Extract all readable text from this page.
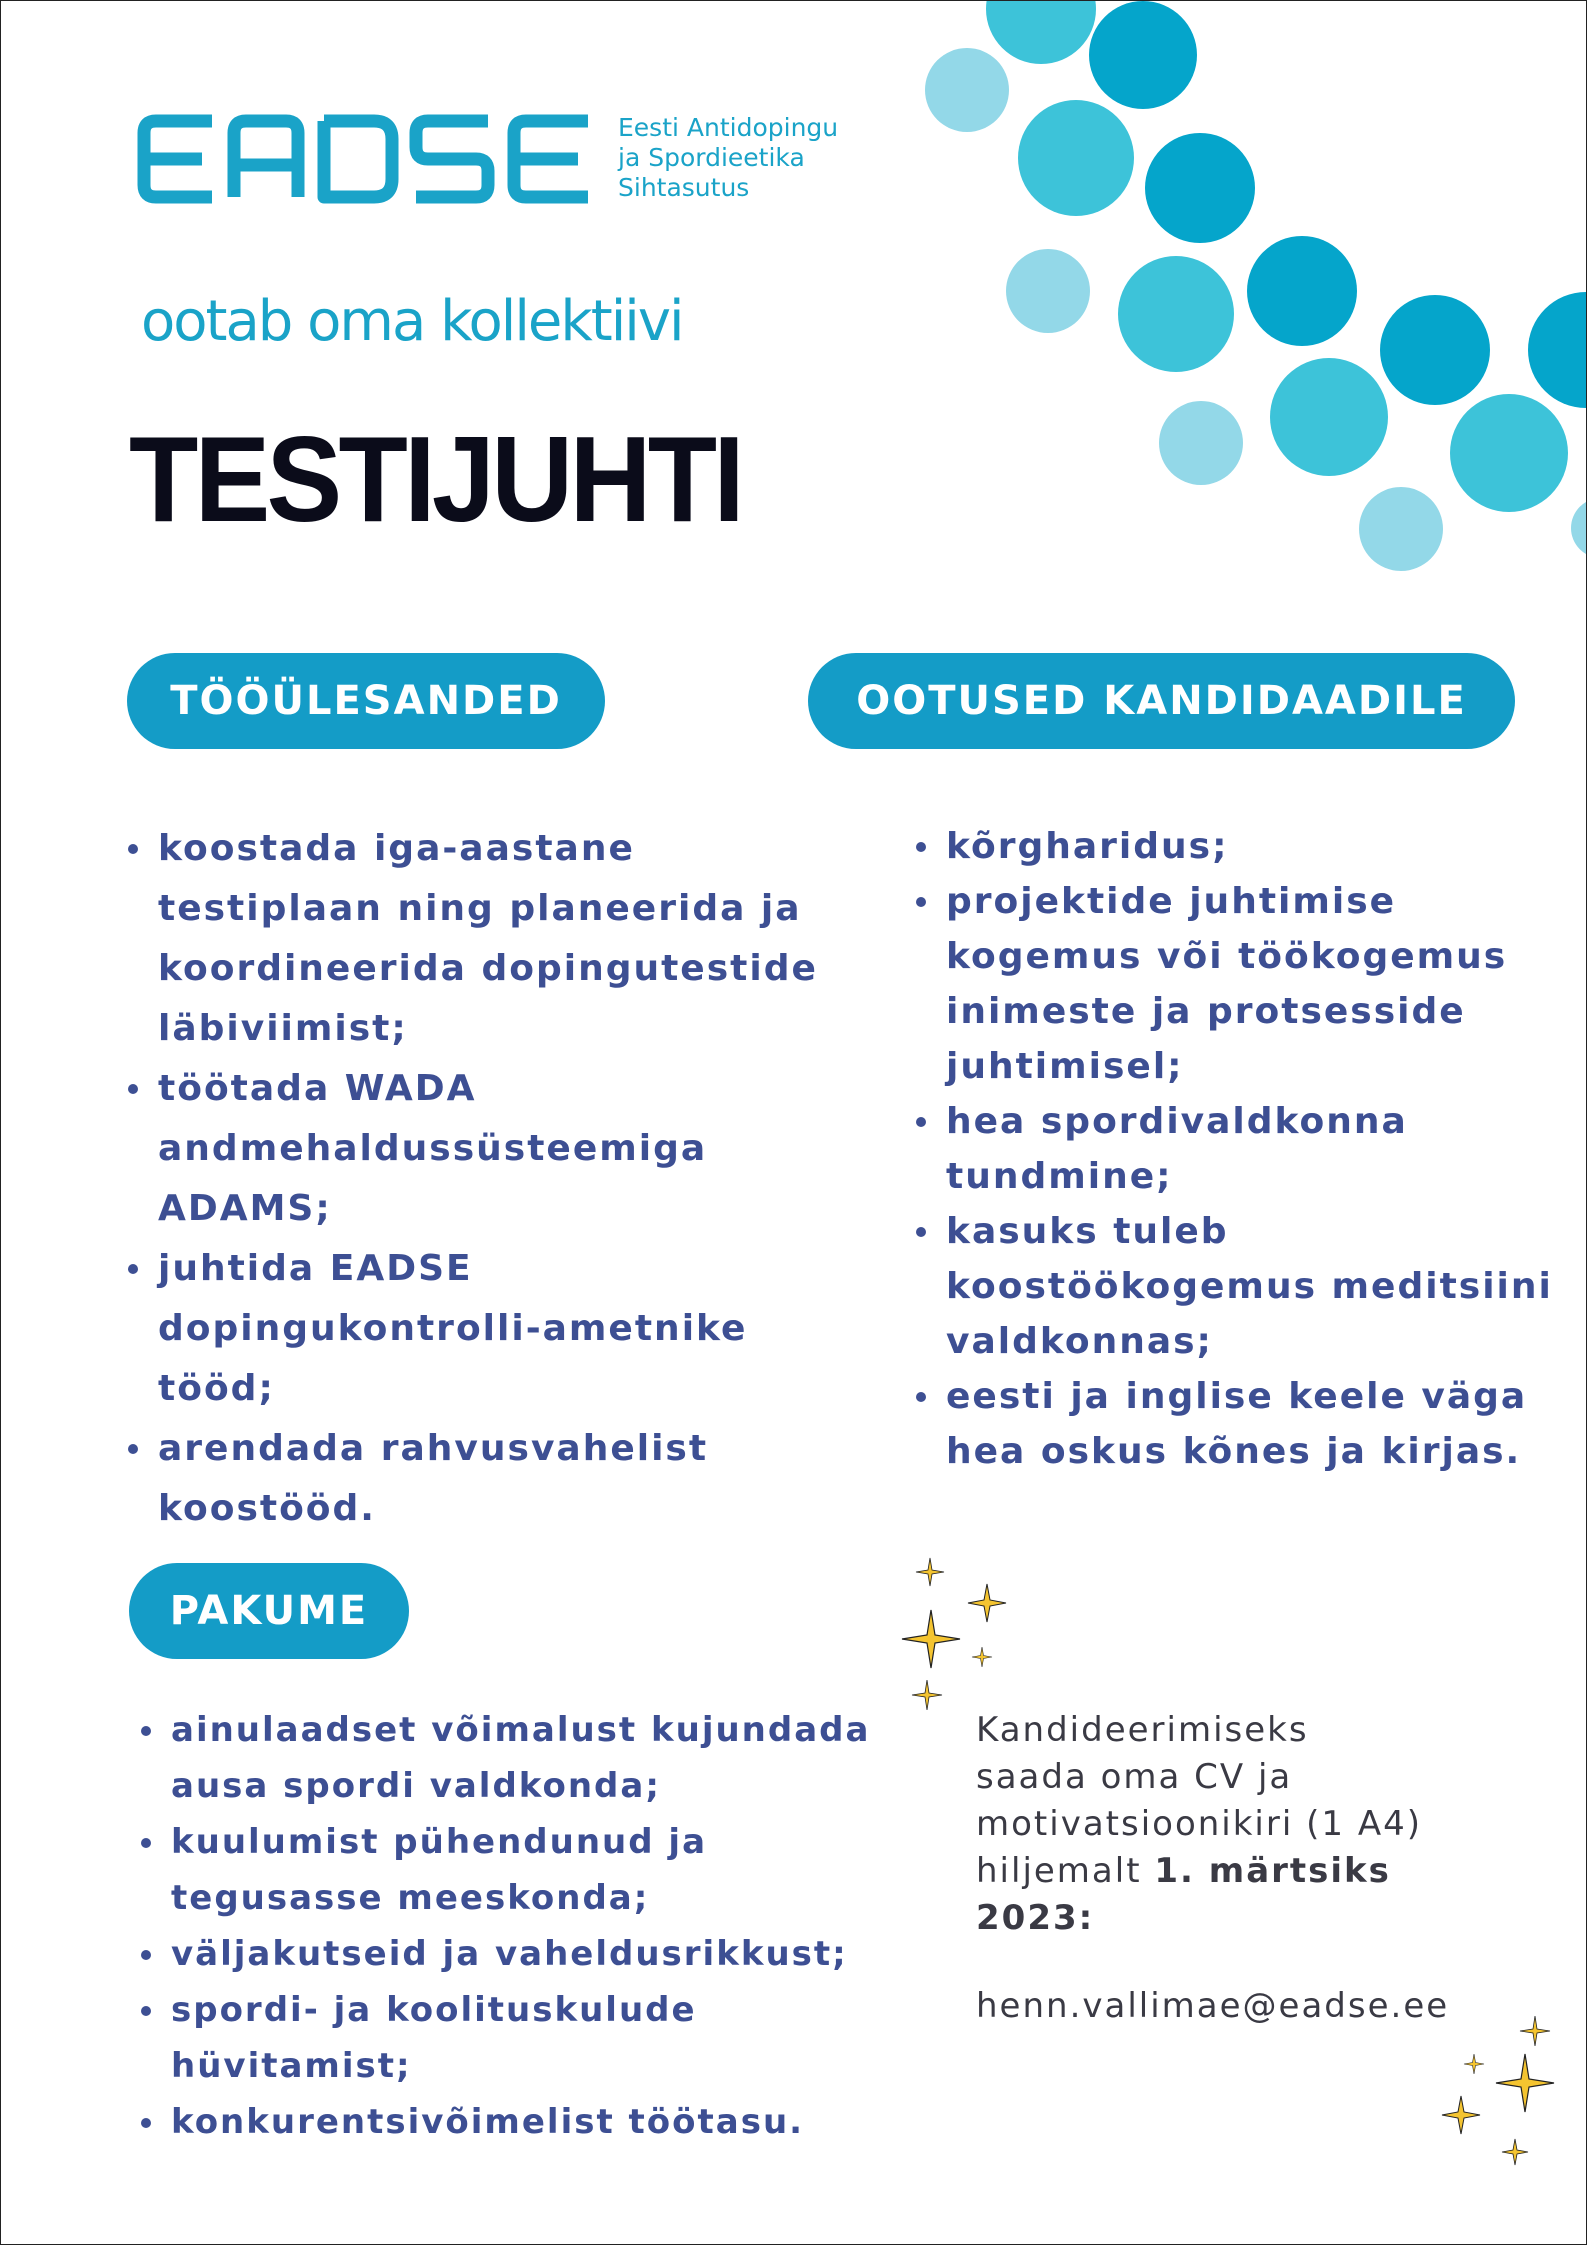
Eesti Antidopingu
ja Spordieetika
Sihtasutus
ootab oma kollektiivi
TESTIJUHTI
TÖÖÜLESANDED	OOTUSED KANDIDAADILE
PAKUME
koostada iga-aastane testiplaan ning planeerida ja koordineerida dopingutestide läbiviimist;
töötada WADA andmehaldussüsteemiga ADAMS;
juhtida EADSE dopingukontrolli-ametnike tööd;
arendada rahvusvahelist koostööd.
kõrgharidus;
projektide juhtimise kogemus või töökogemus inimeste ja protsesside juhtimisel;
hea spordivaldkonna tundmine;
kasuks tuleb koostöökogemus meditsiini valdkonnas;
eesti ja inglise keele väga hea oskus kõnes ja kirjas.
ainulaadset võimalust kujundada ausa spordi valdkonda;
kuulumist pühendunud ja tegusasse meeskonda;
väljakutseid ja vaheldusrikkust;
spordi- ja koolituskulude hüvitamist;
konkurentsivõimelist töötasu.
Kandideerimiseks
saada oma CV ja
motivatsioonikiri (1 A4)
hiljemalt 1. märtsiks
2023:
henn.vallimae@eadse.ee
